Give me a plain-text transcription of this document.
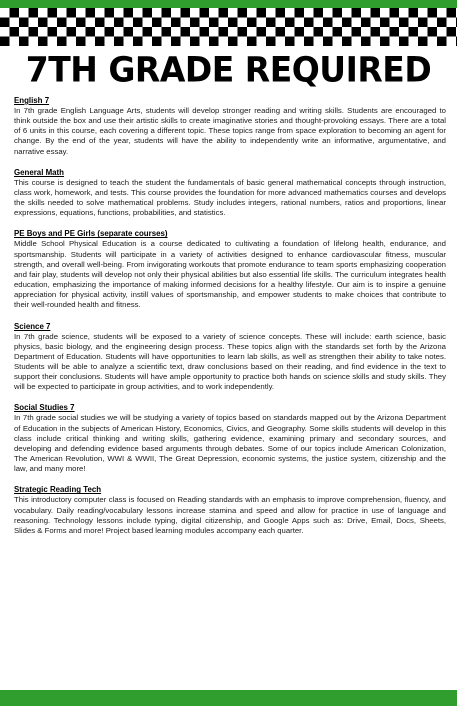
7TH GRADE REQUIRED

English 7

In 7th grade English Language Arts, students will develop stronger reading and writing skills. Students are encouraged to think outside the box and use their artistic skills to create imaginative stories and thought-provoking essays. There are a total of 6 units in this course, each covering a different topic. These topics range from space exploration to becoming an agent for change. By the end of the year, students will have the ability to independently write an informative, argumentative, and narrative essay.

General Math

This course is designed to teach the student the fundamentals of basic general mathematical concepts through instruction, class work, homework, and tests. This course provides the foundation for more advanced mathematics courses and develops the skills needed to solve mathematical problems. Study includes integers, rational numbers, ratios and proportions, linear expressions, equations, functions, probabilities, and statistics.

PE Boys and PE Girls (separate courses)

Middle School Physical Education is a course dedicated to cultivating a foundation of lifelong health, endurance, and sportsmanship. Students will participate in a variety of activities designed to enhance cardiovascular fitness, muscular strength, and overall well-being. From invigorating workouts that promote endurance to team sports emphasizing cooperation and fair play, students will develop not only their physical abilities but also essential life skills. The curriculum integrates health education, emphasizing the importance of making informed decisions for a healthy lifestyle. Our aim is to inspire a genuine appreciation for physical activity, instill values of sportsmanship, and empower students to make choices that contribute to their well-rounded health and fitness.

Science 7

In 7th grade science, students will be exposed to a variety of science concepts. These will include: earth science, basic physics, basic biology, and the engineering design process. These topics align with the standards set forth by the Arizona Department of Education. Students will have opportunities to learn lab skills, as well as strengthen their ability to take notes. Students will be able to analyze a scientific text, draw conclusions based on their reading, and find evidence in the text to support their conclusions. Students will have ample opportunity to practice both hands on science skills and study skills. They will be expected to participate in group activities, and to work independently.

Social Studies 7

In 7th grade social studies we will be studying a variety of topics based on standards mapped out by the Arizona Department of Education in the subjects of American History, Economics, Civics, and Geography. Some skills students will develop in this class include critical thinking and writing skills, gathering evidence, examining primary and secondary sources, and developing and defending evidence based arguments through debates. Some of our topics include American Colonization, The American Revolution, WWI & WWII, The Great Depression, economic systems, the justice system, citizenship and the law, and many more!

Strategic Reading Tech

This introductory computer class is focused on Reading standards with an emphasis to improve comprehension, fluency, and vocabulary. Daily reading/vocabulary lessons increase stamina and speed and allow for practice in use of language and reasoning. Technology lessons include typing, digital citizenship, and Google Apps such as: Drive, Email, Docs, Sheets, Slides & Forms and more! Project based learning modules accompany each quarter.
